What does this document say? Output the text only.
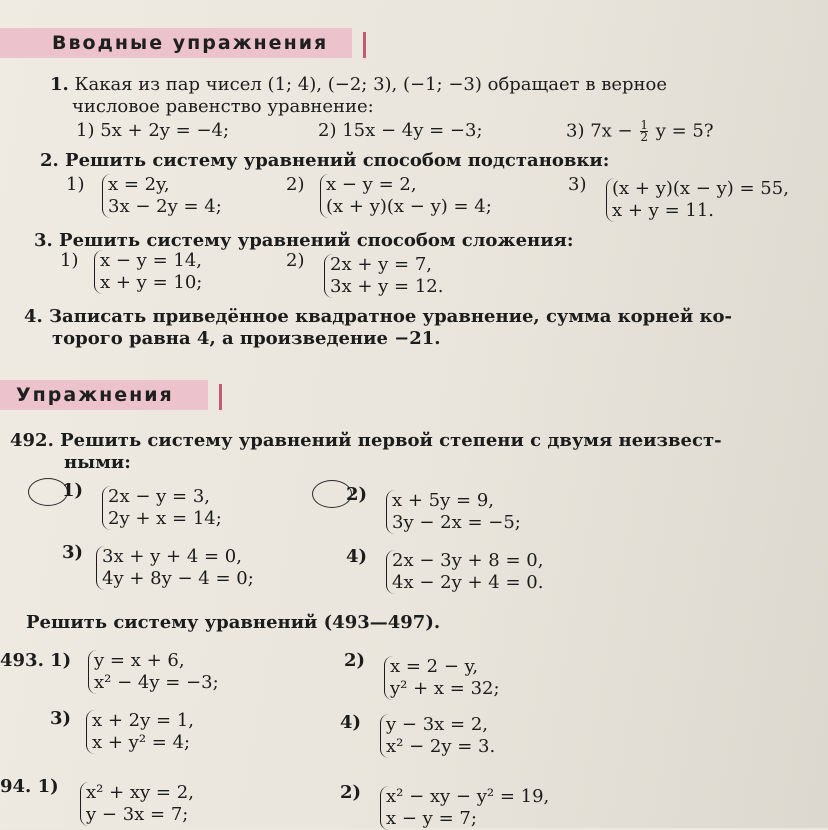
Вводные упражнения
1. Какая из пар чисел (1; 4), (−2; 3), (−1; −3) обращает в верное
числовое равенство уравнение:
1) 5x + 2y = −4;	2) 15x − 4y = −3;	3) $7x - \frac{1}{2}$ y = 5?
2. Решить систему уравнений способом подстановки:
1) x = 2y,
3x − 2y = 4;
2) x − y = 2,
(x + y)(x − y) = 4;
3) (x + y)(x − y) = 55,
x + y = 11.
3. Решить систему уравнений способом сложения:
1) x − y = 14,
x + y = 10;
2) 2x + y = 7,
3x + y = 12.
4. Записать приведённое квадратное уравнение, сумма корней ко-
торого равна 4, а произведение −21.
Упражнения
492. Решить систему уравнений первой степени с двумя неизвест-
ными:
1) 2x − y = 3,
2y + x = 14;
2) x + 5y = 9,
3y − 2x = −5;
3) 3x + y + 4 = 0,
4y + 8y − 4 = 0;
4) 2x − 3y + 8 = 0,
4x − 2y + 4 = 0.
Решить систему уравнений (493—497).
493. 1) y = x + 6,
x² − 4y = −3;
2) x = 2 − y,
y² + x = 32;
3) x + 2y = 1,
x + y² = 4;
4) y − 3x = 2,
x² − 2y = 3.
94. 1) x² + xy = 2,
y − 3x = 7;
2) x² − xy − y² = 19,
x − y = 7;
